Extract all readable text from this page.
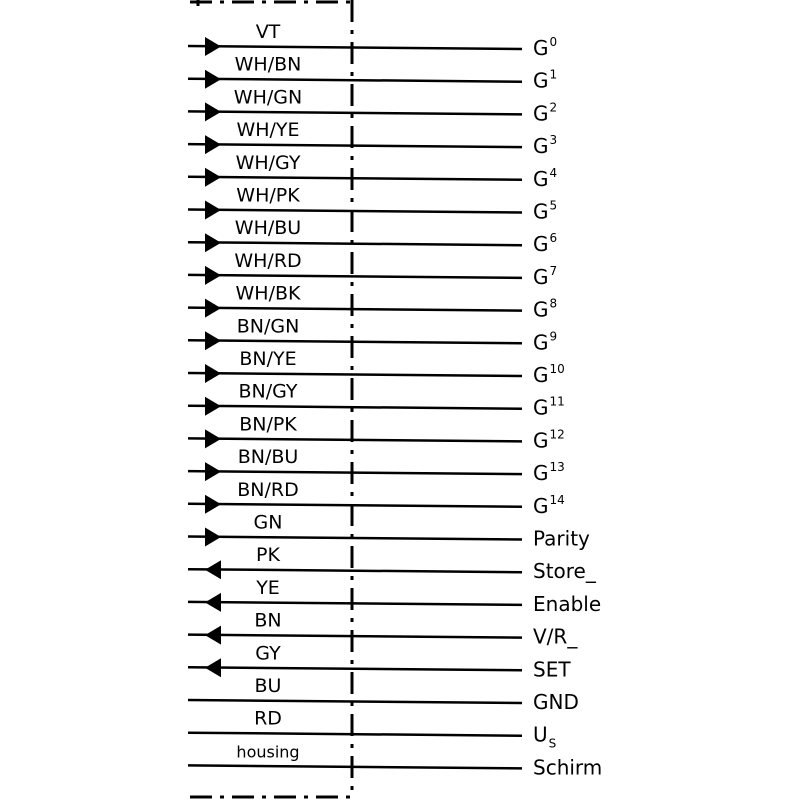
VT
$G^0$
WH/BN
$G^1$
WH/GN
$G^2$
WH/YE
$G^3$
WH/GY
$G^4$
WH/PK
$G^5$
WH/BU
$G^6$
WH/RD
$G^7$
WH/BK
$G^8$
BN/GN
$G^9$
BN/YE
$G^{10}$
BN/GY
$G^{11}$
BN/PK
$G^{12}$
BN/BU
$G^{13}$
BN/RD
$G^{14}$
GN
Parity
PK
Store_
YE
Enable
BN
V/R_
GY
SET
BU
GND
RD
$U_S$
housing
Schirm
